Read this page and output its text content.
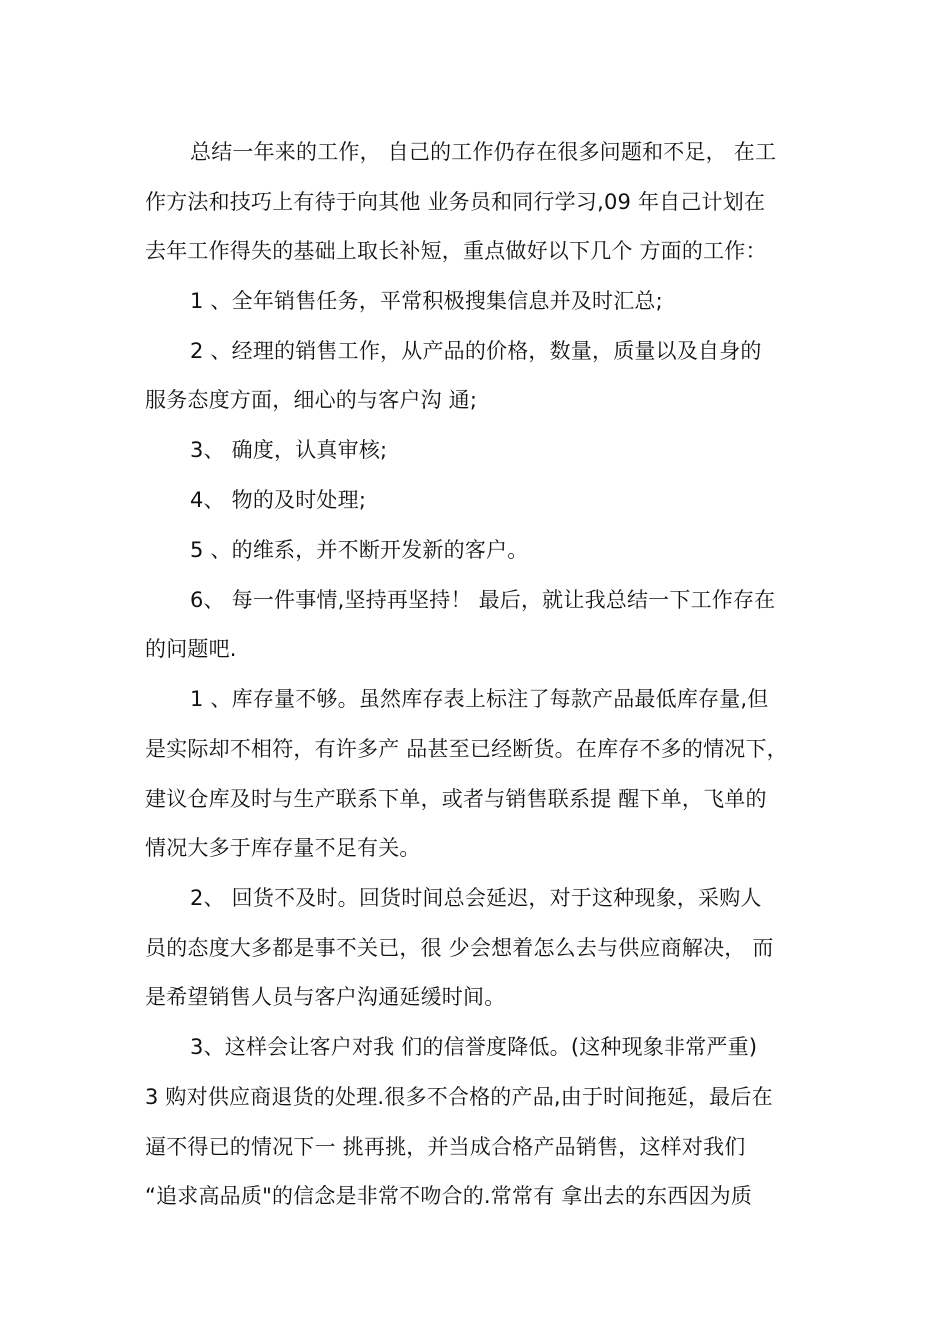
总结一年来的工作， 自己的工作仍存在很多问题和不足， 在工
作方法和技巧上有待于向其他 业务员和同行学习,09 年自己计划在
去年工作得失的基础上取长补短，重点做好以下几个 方面的工作：
1 、全年销售任务，平常积极搜集信息并及时汇总;
2 、经理的销售工作，从产品的价格，数量，质量以及自身的
服务态度方面，细心的与客户沟 通;
3、 确度，认真审核;
4、 物的及时处理;
5 、的维系，并不断开发新的客户。
6、 每一件事情,坚持再坚持！ 最后，就让我总结一下工作存在
的问题吧.
1 、库存量不够。虽然库存表上标注了每款产品最低库存量,但
是实际却不相符，有许多产 品甚至已经断货。在库存不多的情况下，
建议仓库及时与生产联系下单，或者与销售联系提 醒下单，飞单的
情况大多于库存量不足有关。
2、 回货不及时。回货时间总会延迟，对于这种现象，采购人
员的态度大多都是事不关已，很 少会想着怎么去与供应商解决， 而
是希望销售人员与客户沟通延缓时间。
3、这样会让客户对我 们的信誉度降低。(这种现象非常严重)
3 购对供应商退货的处理.很多不合格的产品,由于时间拖延，最后在
逼不得已的情况下一 挑再挑，并当成合格产品销售，这样对我们
“追求高品质"的信念是非常不吻合的.常常有 拿出去的东西因为质
